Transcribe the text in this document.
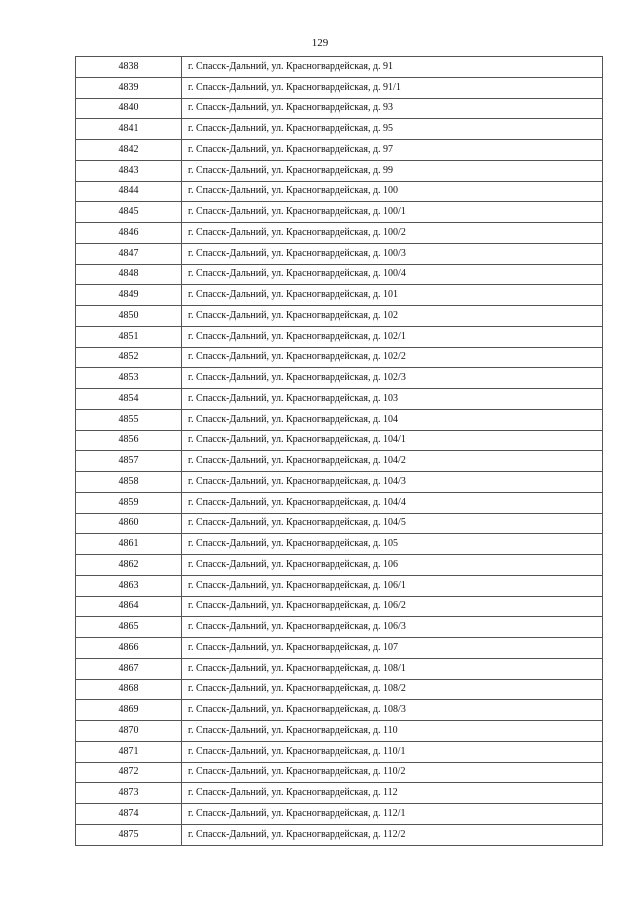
129
4838	г. Спасск-Дальний, ул. Красногвардейская, д. 91
4839	г. Спасск-Дальний, ул. Красногвардейская, д. 91/1
4840	г. Спасск-Дальний, ул. Красногвардейская, д. 93
4841	г. Спасск-Дальний, ул. Красногвардейская, д. 95
4842	г. Спасск-Дальний, ул. Красногвардейская, д. 97
4843	г. Спасск-Дальний, ул. Красногвардейская, д. 99
4844	г. Спасск-Дальний, ул. Красногвардейская, д. 100
4845	г. Спасск-Дальний, ул. Красногвардейская, д. 100/1
4846	г. Спасск-Дальний, ул. Красногвардейская, д. 100/2
4847	г. Спасск-Дальний, ул. Красногвардейская, д. 100/3
4848	г. Спасск-Дальний, ул. Красногвардейская, д. 100/4
4849	г. Спасск-Дальний, ул. Красногвардейская, д. 101
4850	г. Спасск-Дальний, ул. Красногвардейская, д. 102
4851	г. Спасск-Дальний, ул. Красногвардейская, д. 102/1
4852	г. Спасск-Дальний, ул. Красногвардейская, д. 102/2
4853	г. Спасск-Дальний, ул. Красногвардейская, д. 102/3
4854	г. Спасск-Дальний, ул. Красногвардейская, д. 103
4855	г. Спасск-Дальний, ул. Красногвардейская, д. 104
4856	г. Спасск-Дальний, ул. Красногвардейская, д. 104/1
4857	г. Спасск-Дальний, ул. Красногвардейская, д. 104/2
4858	г. Спасск-Дальний, ул. Красногвардейская, д. 104/3
4859	г. Спасск-Дальний, ул. Красногвардейская, д. 104/4
4860	г. Спасск-Дальний, ул. Красногвардейская, д. 104/5
4861	г. Спасск-Дальний, ул. Красногвардейская, д. 105
4862	г. Спасск-Дальний, ул. Красногвардейская, д. 106
4863	г. Спасск-Дальний, ул. Красногвардейская, д. 106/1
4864	г. Спасск-Дальний, ул. Красногвардейская, д. 106/2
4865	г. Спасск-Дальний, ул. Красногвардейская, д. 106/3
4866	г. Спасск-Дальний, ул. Красногвардейская, д. 107
4867	г. Спасск-Дальний, ул. Красногвардейская, д. 108/1
4868	г. Спасск-Дальний, ул. Красногвардейская, д. 108/2
4869	г. Спасск-Дальний, ул. Красногвардейская, д. 108/3
4870	г. Спасск-Дальний, ул. Красногвардейская, д. 110
4871	г. Спасск-Дальний, ул. Красногвардейская, д. 110/1
4872	г. Спасск-Дальний, ул. Красногвардейская, д. 110/2
4873	г. Спасск-Дальний, ул. Красногвардейская, д. 112
4874	г. Спасск-Дальний, ул. Красногвардейская, д. 112/1
4875	г. Спасск-Дальний, ул. Красногвардейская, д. 112/2
